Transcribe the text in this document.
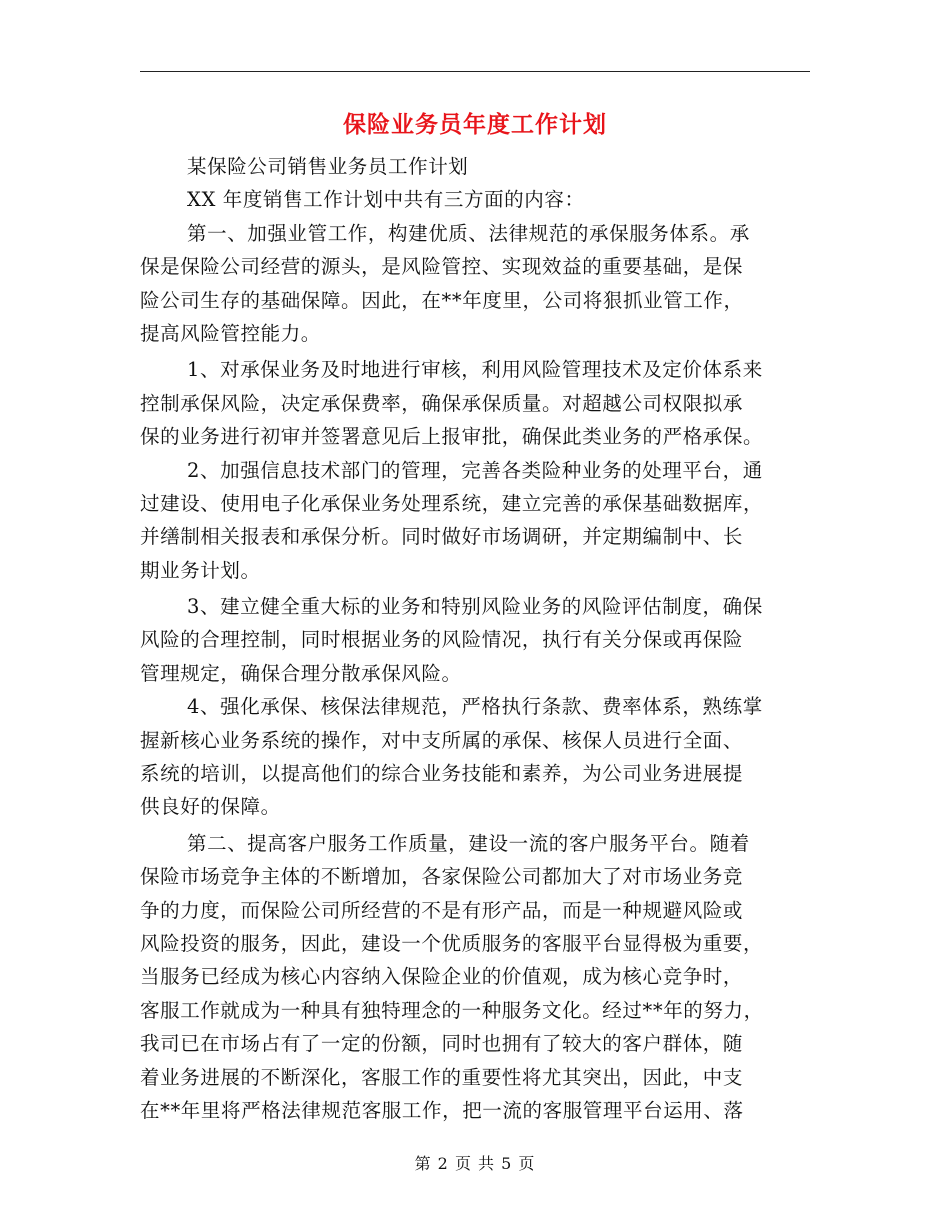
保险业务员年度工作计划
某保险公司销售业务员工作计划
XX 年度销售工作计划中共有三方面的内容：
第一、加强业管工作，构建优质、法律规范的承保服务体系。承
保是保险公司经营的源头，是风险管控、实现效益的重要基础，是保
险公司生存的基础保障。因此，在**年度里，公司将狠抓业管工作，
提高风险管控能力。
1、对承保业务及时地进行审核，利用风险管理技术及定价体系来
控制承保风险，决定承保费率，确保承保质量。对超越公司权限拟承
保的业务进行初审并签署意见后上报审批，确保此类业务的严格承保。
2、加强信息技术部门的管理，完善各类险种业务的处理平台，通
过建设、使用电子化承保业务处理系统，建立完善的承保基础数据库，
并缮制相关报表和承保分析。同时做好市场调研，并定期编制中、长
期业务计划。
3、建立健全重大标的业务和特别风险业务的风险评估制度，确保
风险的合理控制，同时根据业务的风险情况，执行有关分保或再保险
管理规定，确保合理分散承保风险。
4、强化承保、核保法律规范，严格执行条款、费率体系，熟练掌
握新核心业务系统的操作，对中支所属的承保、核保人员进行全面、
系统的培训，以提高他们的综合业务技能和素养，为公司业务进展提
供良好的保障。
第二、提高客户服务工作质量，建设一流的客户服务平台。随着
保险市场竞争主体的不断增加，各家保险公司都加大了对市场业务竞
争的力度，而保险公司所经营的不是有形产品，而是一种规避风险或
风险投资的服务，因此，建设一个优质服务的客服平台显得极为重要，
当服务已经成为核心内容纳入保险企业的价值观，成为核心竞争时，
客服工作就成为一种具有独特理念的一种服务文化。经过**年的努力，
我司已在市场占有了一定的份额，同时也拥有了较大的客户群体，随
着业务进展的不断深化，客服工作的重要性将尤其突出，因此，中支
在**年里将严格法律规范客服工作，把一流的客服管理平台运用、落
第 2 页 共 5 页
